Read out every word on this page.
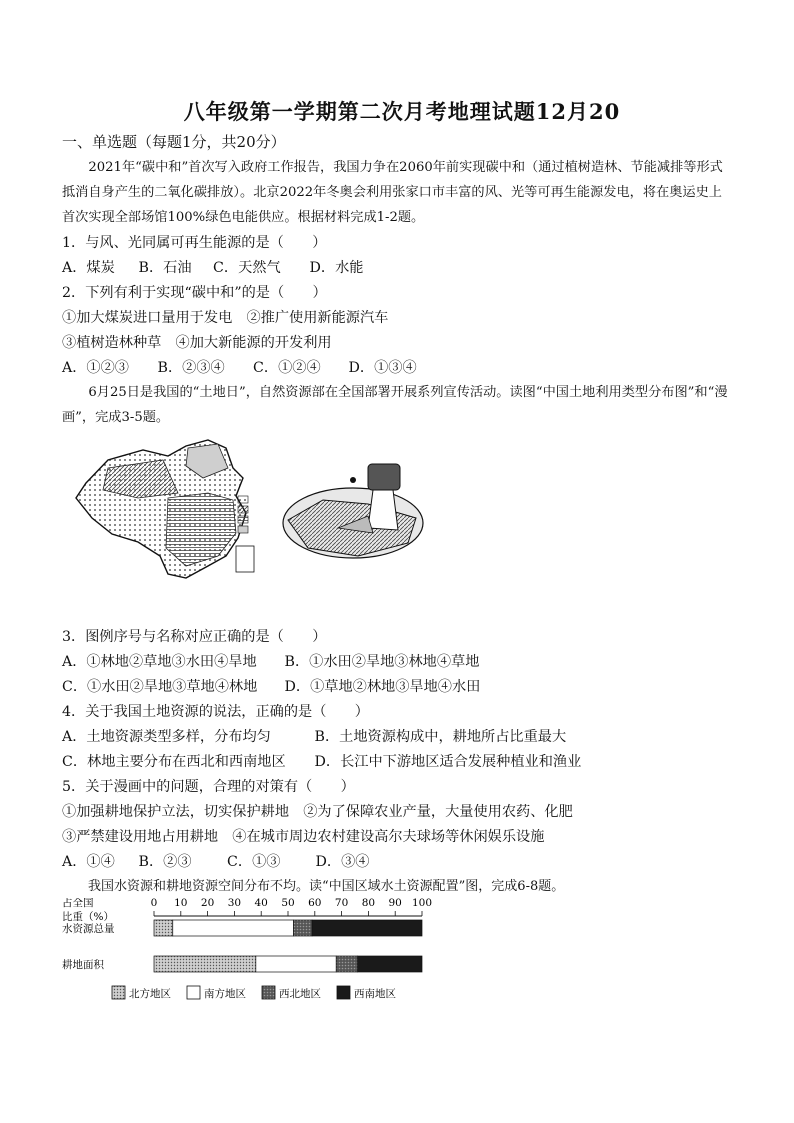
八年级第一学期第二次月考地理试题12月20
一、单选题（每题1分，共20分）
2021年“碳中和”首次写入政府工作报告，我国力争在2060年前实现碳中和（通过植树造林、节能减排等形式抵消自身产生的二氧化碳排放）。北京2022年冬奥会利用张家口市丰富的风、光等可再生能源发电，将在奥运史上首次实现全部场馆100%绿色电能供应。根据材料完成1-2题。
1．与风、光同属可再生能源的是（　　）
A．煤炭 B．石油 C．天然气 D．水能
2．下列有利于实现“碳中和”的是（　　）
①加大煤炭进口量用于发电　②推广使用新能源汽车
③植树造林种草　④加大新能源的开发利用
A．①②③ B．②③④ C．①②④ D．①③④
6月25日是我国的“土地日”，自然资源部在全国部署开展系列宣传活动。读图“中国土地利用类型分布图”和“漫画”，完成3-5题。
3．图例序号与名称对应正确的是（　　）
A．①林地②草地③水田④旱地 B．①水田②旱地③林地④草地
C．①水田②旱地③草地④林地 D．①草地②林地③旱地④水田
4．关于我国土地资源的说法，正确的是（　　）
A．土地资源类型多样，分布均匀	B．土地资源构成中，耕地所占比重最大
C．林地主要分布在西北和西南地区 D．长江中下游地区适合发展种植业和渔业
5．关于漫画中的问题，合理的对策有（　　）
①加强耕地保护立法，切实保护耕地　②为了保障农业产量，大量使用农药、化肥
③严禁建设用地占用耕地　④在城市周边农村建设高尔夫球场等休闲娱乐设施
A．①④ B．②③	C．①③ D．③④
我国水资源和耕地资源空间分布不均。读“中国区域水土资源配置”图，完成6-8题。
占全国
比重（%）
0 10 20 30 40 50 60 70 80 90 100
水资源总量
耕地面积
北方地区	南方地区	西北地区	西南地区
